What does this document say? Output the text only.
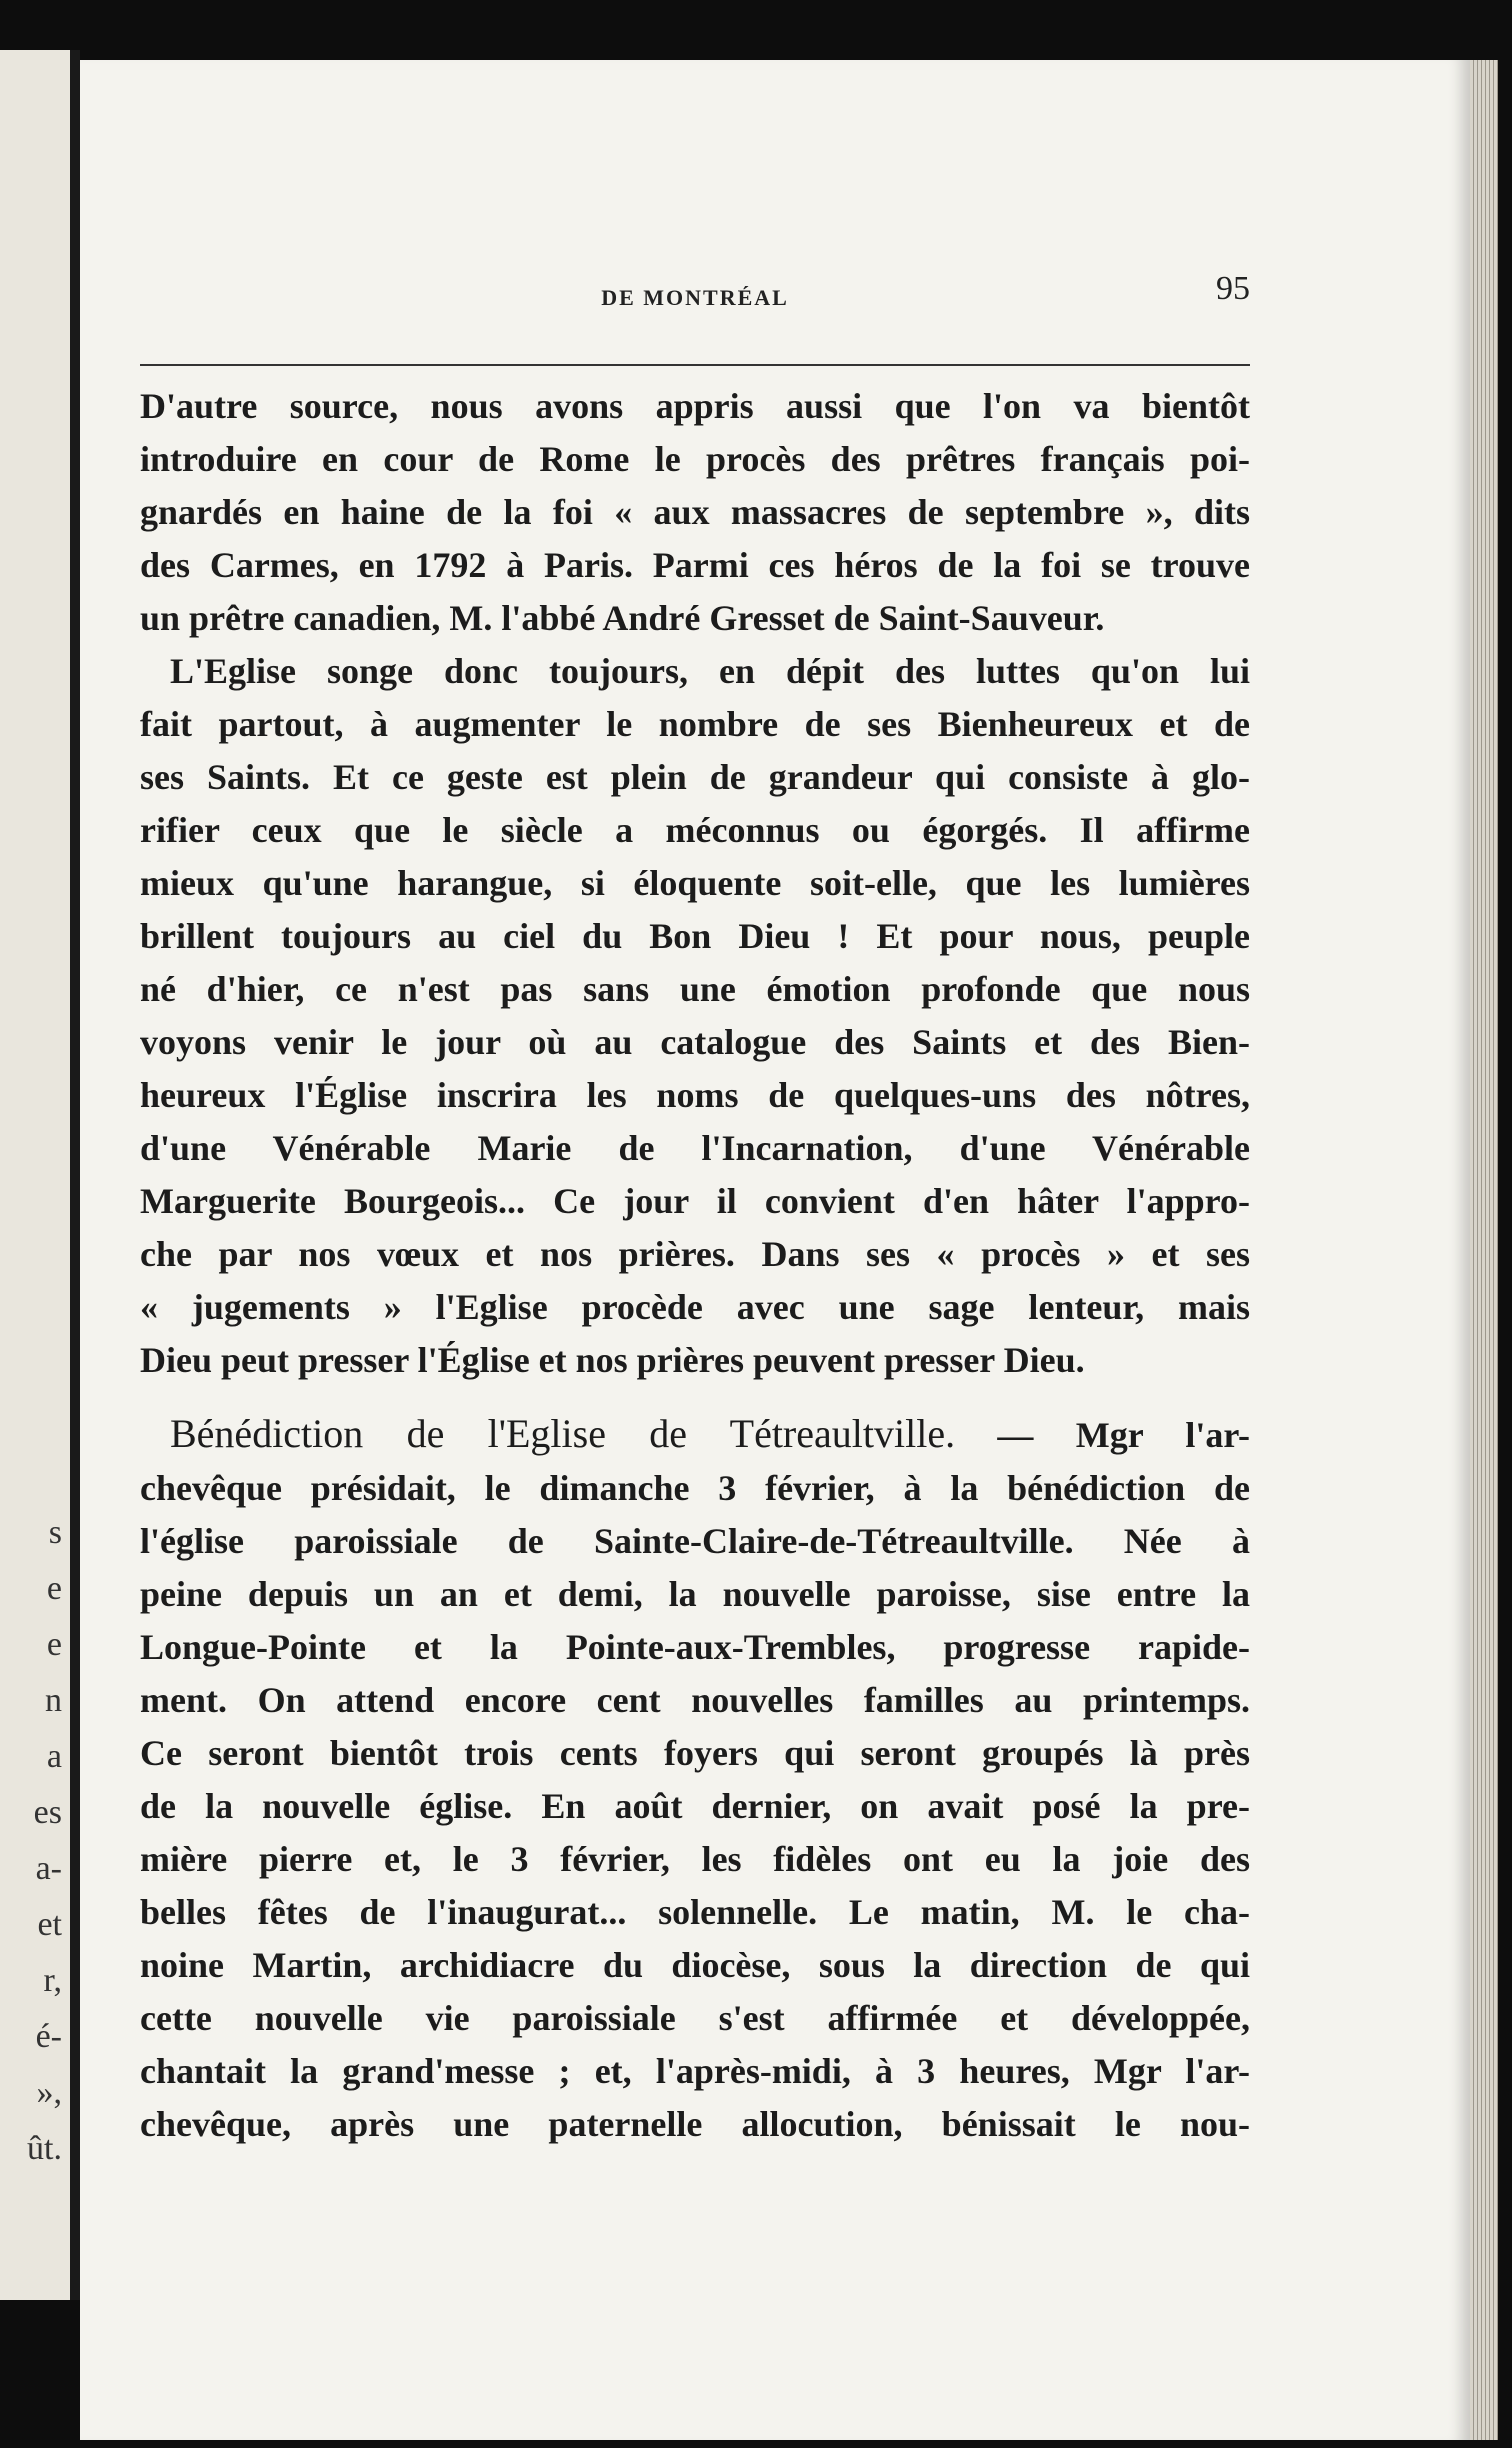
s
e
e
n
a
es
a-
et
r,
é-
»,
ût.
DE MONTRÉAL	95
D'autre source, nous avons appris aussi que l'on va bientôt
introduire en cour de Rome le procès des prêtres français poi-
gnardés en haine de la foi « aux massacres de septembre », dits
des Carmes, en 1792 à Paris. Parmi ces héros de la foi se trouve
un prêtre canadien, M. l'abbé André Gresset de Saint-Sauveur.
L'Eglise songe donc toujours, en dépit des luttes qu'on lui
fait partout, à augmenter le nombre de ses Bienheureux et de
ses Saints. Et ce geste est plein de grandeur qui consiste à glo-
rifier ceux que le siècle a méconnus ou égorgés. Il affirme
mieux qu'une harangue, si éloquente soit-elle, que les lumières
brillent toujours au ciel du Bon Dieu ! Et pour nous, peuple
né d'hier, ce n'est pas sans une émotion profonde que nous
voyons venir le jour où au catalogue des Saints et des Bien-
heureux l'Église inscrira les noms de quelques-uns des nôtres,
d'une Vénérable Marie de l'Incarnation, d'une Vénérable
Marguerite Bourgeois... Ce jour il convient d'en hâter l'appro-
che par nos vœux et nos prières. Dans ses « procès » et ses
« jugements » l'Eglise procède avec une sage lenteur, mais
Dieu peut presser l'Église et nos prières peuvent presser Dieu.
Bénédiction de l'Eglise de Tétreaultville. — Mgr l'ar-
chevêque présidait, le dimanche 3 février, à la bénédiction de
l'église paroissiale de Sainte-Claire-de-Tétreaultville. Née à
peine depuis un an et demi, la nouvelle paroisse, sise entre la
Longue-Pointe et la Pointe-aux-Trembles, progresse rapide-
ment. On attend encore cent nouvelles familles au printemps.
Ce seront bientôt trois cents foyers qui seront groupés là près
de la nouvelle église. En août dernier, on avait posé la pre-
mière pierre et, le 3 février, les fidèles ont eu la joie des
belles fêtes de l'inaugurat... solennelle. Le matin, M. le cha-
noine Martin, archidiacre du diocèse, sous la direction de qui
cette nouvelle vie paroissiale s'est affirmée et développée,
chantait la grand'messe ; et, l'après-midi, à 3 heures, Mgr l'ar-
chevêque, après une paternelle allocution, bénissait le nou-
